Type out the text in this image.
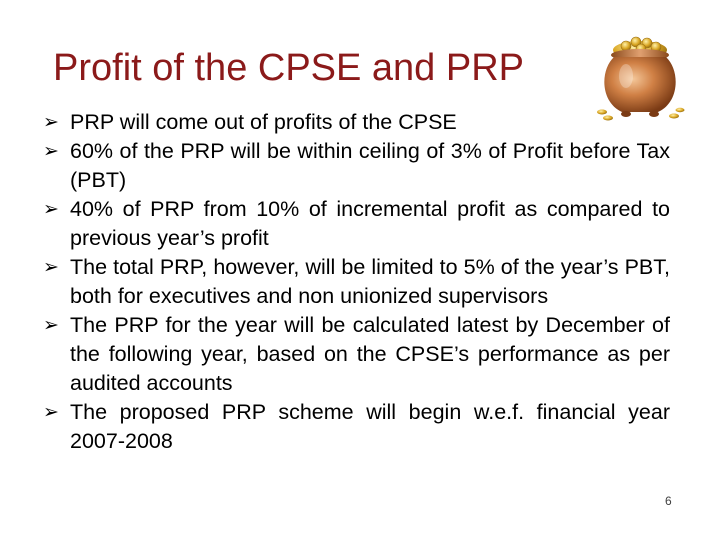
Profit of the CPSE and PRP
➢ PRP will come out of profits of the CPSE
➢ 60% of the PRP will be within ceiling of 3% of Profit before Tax (PBT)
➢ 40% of PRP from 10% of incremental profit as compared to previous year’s profit
➢ The total PRP, however, will be limited to 5% of the year’s PBT, both for executives and non unionized supervisors
➢ The PRP for the year will be calculated latest by December of the following year, based on the CPSE’s performance as per audited accounts
➢ The proposed PRP scheme will begin w.e.f. financial year 2007-2008
6
